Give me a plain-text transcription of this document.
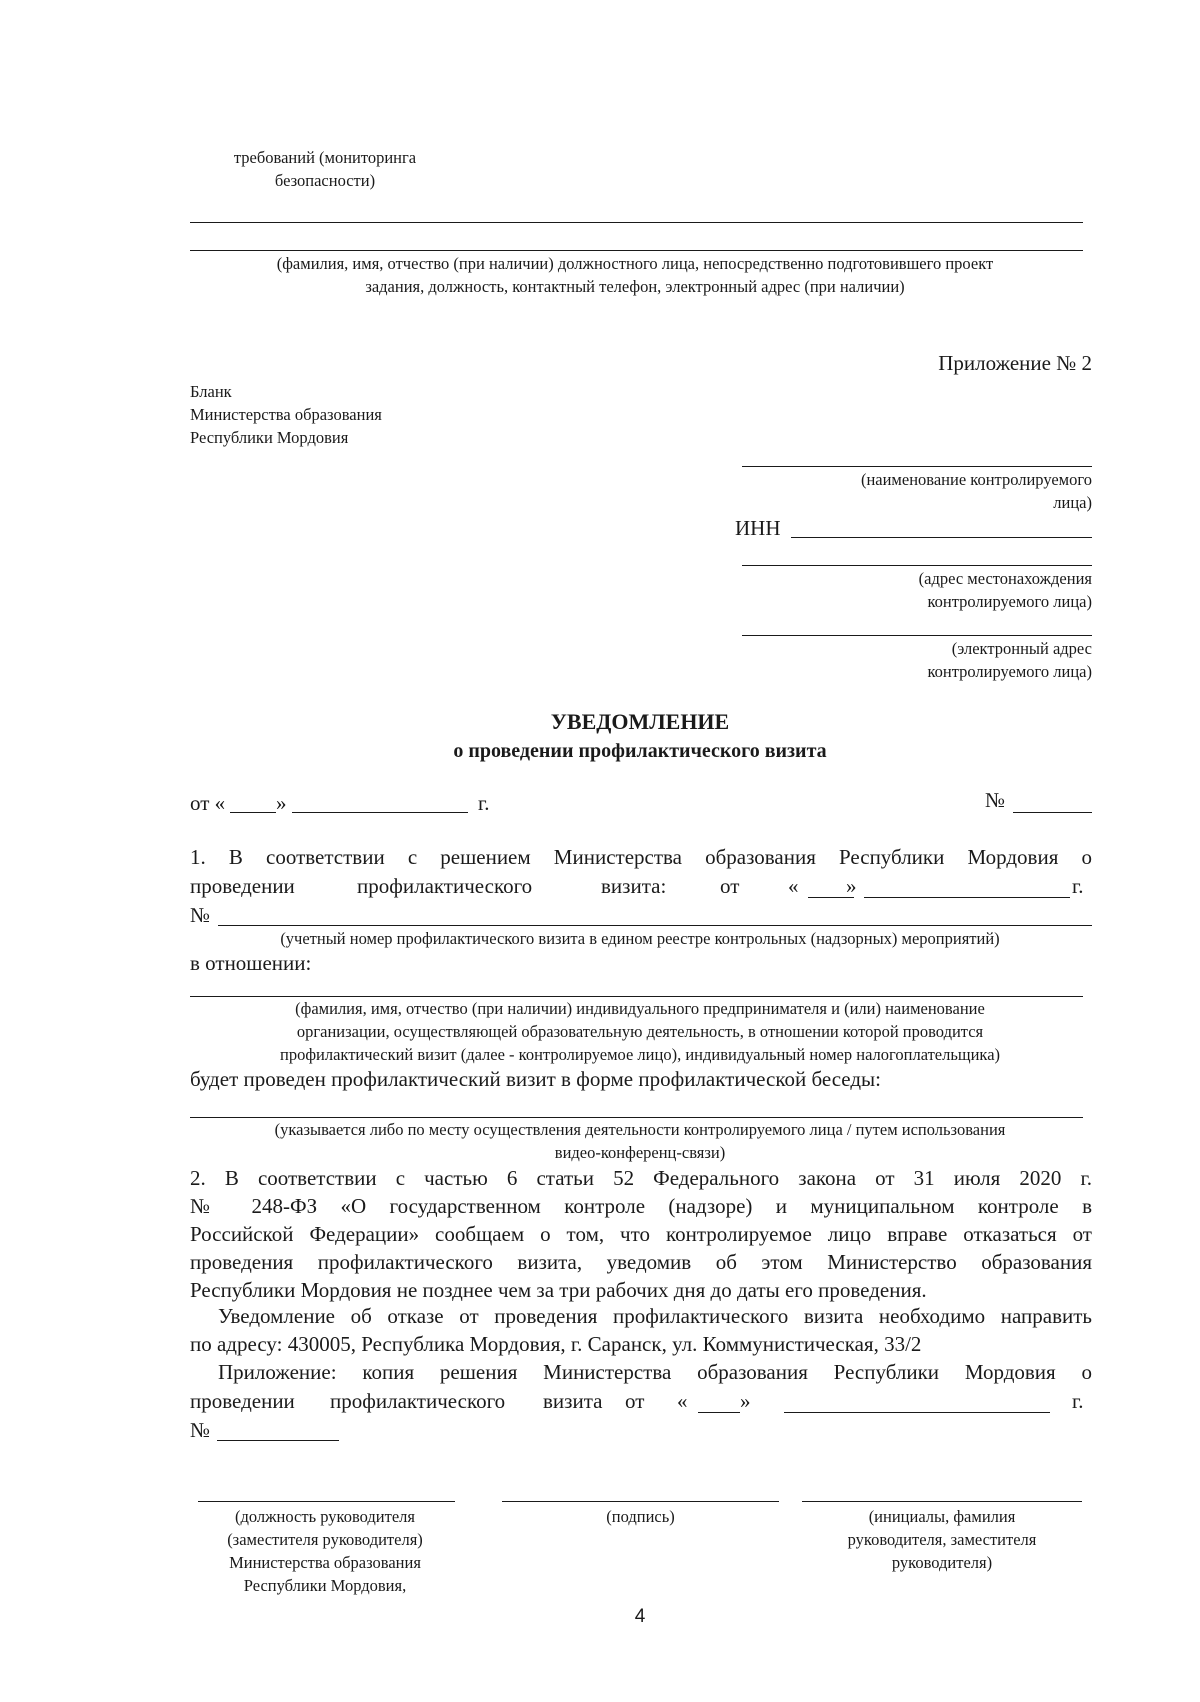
требований (мониторинга
безопасности)
(фамилия, имя, отчество (при наличии) должностного лица, непосредственно подготовившего проект
задания, должность, контактный телефон, электронный адрес (при наличии)
Приложение № 2
Бланк
Министерства образования
Республики Мордовия
(наименование контролируемого
лица)
ИНН
(адрес местонахождения
контролируемого лица)
(электронный адрес
контролируемого лица)
УВЕДОМЛЕНИЕ
о проведении профилактического визита
от « »	г.	№
1. В соответствии с решением Министерства образования Республики Мордовия о
проведении	профилактического	визита:	от « »	г.
№
(учетный номер профилактического визита в едином реестре контрольных (надзорных) мероприятий)
в отношении:
(фамилия, имя, отчество (при наличии) индивидуального предпринимателя и (или) наименование
организации, осуществляющей образовательную деятельность, в отношении которой проводится
профилактический визит (далее - контролируемое лицо), индивидуальный номер налогоплательщика)
будет проведен профилактический визит в форме профилактической беседы:
(указывается либо по месту осуществления деятельности контролируемого лица / путем использования
видео-конференц-связи)
2. В соответствии с частью 6 статьи 52 Федерального закона от 31 июля 2020 г.
№ 248-ФЗ «О государственном контроле (надзоре) и муниципальном контроле в
Российской Федерации» сообщаем о том, что контролируемое лицо вправе отказаться от
проведения профилактического визита, уведомив об этом Министерство образования
Республики Мордовия не позднее чем за три рабочих дня до даты его проведения.
Уведомление об отказе от проведения профилактического визита необходимо направить
по адресу: 430005, Республика Мордовия, г. Саранск, ул. Коммунистическая, 33/2
Приложение: копия решения Министерства образования Республики Мордовия о
проведении профилактического визита от «	»	г.
№
(должность руководителя
(заместителя руководителя)
Министерства образования
Республики Мордовия,
(подпись)	(инициалы, фамилия
руководителя, заместителя
руководителя)
4
